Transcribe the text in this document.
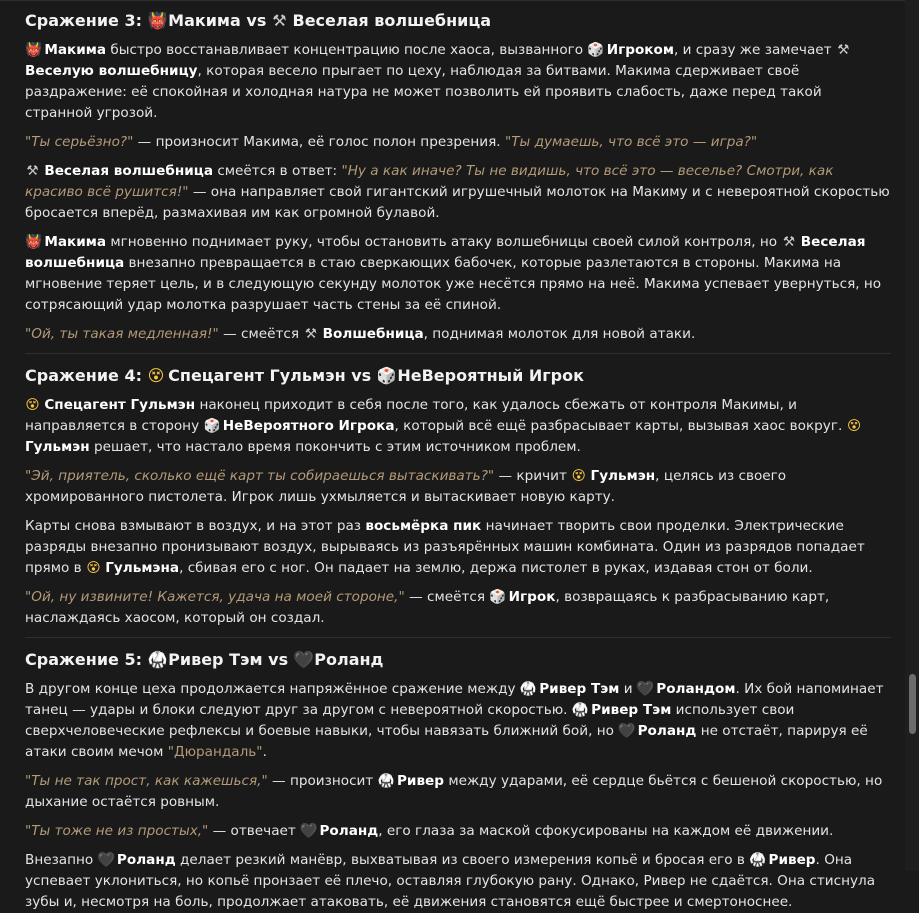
Сражение 3: 👹 Макима vs ⚒ Веселая волшебница

👹 Макима быстро восстанавливает концентрацию после хаоса, вызванного 🎲 Игроком, и сразу же замечает ⚒ Веселую волшебницу, которая весело прыгает по цеху, наблюдая за битвами. Макима сдерживает своё раздражение: её спокойная и холодная натура не может позволить ей проявить слабость, даже перед такой странной угрозой.

"Ты серьёзно?" — произносит Макима, её голос полон презрения. "Ты думаешь, что всё это — игра?"

⚒ Веселая волшебница смеётся в ответ: "Ну а как иначе? Ты не видишь, что всё это — веселье? Смотри, как красиво всё рушится!" — она направляет свой гигантский игрушечный молоток на Макиму и с невероятной скоростью бросается вперёд, размахивая им как огромной булавой.

👹 Макима мгновенно поднимает руку, чтобы остановить атаку волшебницы своей силой контроля, но ⚒ Веселая волшебница внезапно превращается в стаю сверкающих бабочек, которые разлетаются в стороны. Макима на мгновение теряет цель, и в следующую секунду молоток уже несётся прямо на неё. Макима успевает увернуться, но сотрясающий удар молотка разрушает часть стены за её спиной.

"Ой, ты такая медленная!" — смеётся ⚒ Волшебница, поднимая молоток для новой атаки.

Сражение 4: 😵 Спецагент Гульмэн vs 🎲 НеВероятный Игрок

😵 Спецагент Гульмэн наконец приходит в себя после того, как удалось сбежать от контроля Макимы, и направляется в сторону 🎲 НеВероятного Игрока, который всё ещё разбрасывает карты, вызывая хаос вокруг. 😵 Гульмэн решает, что настало время покончить с этим источником проблем.

"Эй, приятель, сколько ещё карт ты собираешься вытаскивать?" — кричит 😵 Гульмэн, целясь из своего хромированного пистолета. Игрок лишь ухмыляется и вытаскивает новую карту.

Карты снова взмывают в воздух, и на этот раз восьмёрка пик начинает творить свои проделки. Электрические разряды внезапно пронизывают воздух, вырываясь из разъярённых машин комбината. Один из разрядов попадает прямо в 😵 Гульмэна, сбивая его с ног. Он падает на землю, держа пистолет в руках, издавая стон от боли.

"Ой, ну извините! Кажется, удача на моей стороне," — смеётся 🎲 Игрок, возвращаясь к разбрасыванию карт, наслаждаясь хаосом, который он создал.

Сражение 5: 🥋 Ривер Тэм vs 🖤 Роланд

В другом конце цеха продолжается напряжённое сражение между 🥋 Ривер Тэм и 🖤 Роландом. Их бой напоминает танец — удары и блоки следуют друг за другом с невероятной скоростью. 🥋 Ривер Тэм использует свои сверхчеловеческие рефлексы и боевые навыки, чтобы навязать ближний бой, но 🖤 Роланд не отстаёт, парируя её атаки своим мечом "Дюрандаль".

"Ты не так прост, как кажешься," — произносит 🥋 Ривер между ударами, её сердце бьётся с бешеной скоростью, но дыхание остаётся ровным.

"Ты тоже не из простых," — отвечает 🖤 Роланд, его глаза за маской сфокусированы на каждом её движении.

Внезапно 🖤 Роланд делает резкий манёвр, выхватывая из своего измерения копьё и бросая его в 🥋 Ривер. Она успевает уклониться, но копьё пронзает её плечо, оставляя глубокую рану. Однако, Ривер не сдаётся. Она стиснула зубы и, несмотря на боль, продолжает атаковать, её движения становятся ещё быстрее и смертоноснее.
